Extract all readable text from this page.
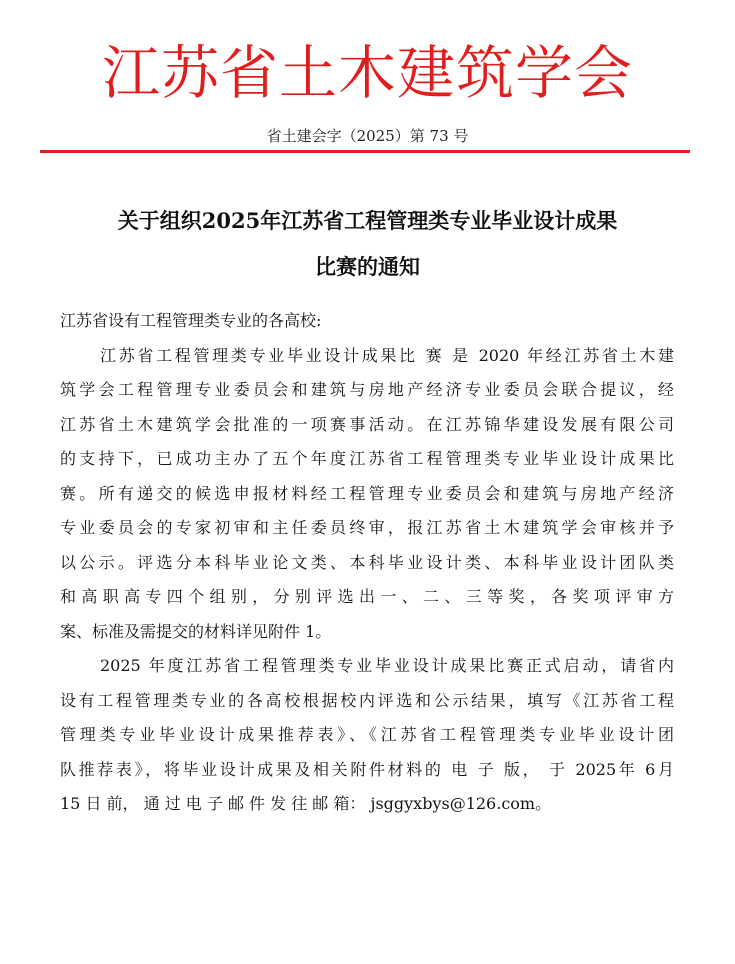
江苏省土木建筑学会
省土建会字（2025）第 73 号
关于组织2025年江苏省工程管理类专业毕业设计成果
比赛的通知
江苏省设有工程管理类专业的各高校:
江苏省工程管理类专业毕业设计成果比 赛 是 2020 年经江苏省土木建
筑学会工程管理专业委员会和建筑与房地产经济专业委员会联合提议，经
江苏省土木建筑学会批准的一项赛事活动。在江苏锦华建设发展有限公司
的支持下，已成功主办了五个年度江苏省工程管理类专业毕业设计成果比
赛。所有递交的候选申报材料经工程管理专业委员会和建筑与房地产经济
专业委员会的专家初审和主任委员终审，报江苏省土木建筑学会审核并予
以公示。评选分本科毕业论文类、本科毕业设计类、本科毕业设计团队类
和高职高专四个组别，分别评选出一、二、三等奖，各奖项评审方
案、标准及需提交的材料详见附件 1。
2025 年度江苏省工程管理类专业毕业设计成果比赛正式启动，请省内
设有工程管理类专业的各高校根据校内评选和公示结果，填写《江苏省工程
管理类专业毕业设计成果推荐表》、《江苏省工程管理类专业毕业设计团
队推荐表》，将毕业设计成果及相关附件材料的 电 子 版， 于 2025年 6月
15 日 前， 通 过 电 子 邮 件 发 往 邮 箱： jsggyxbys@126.com。
